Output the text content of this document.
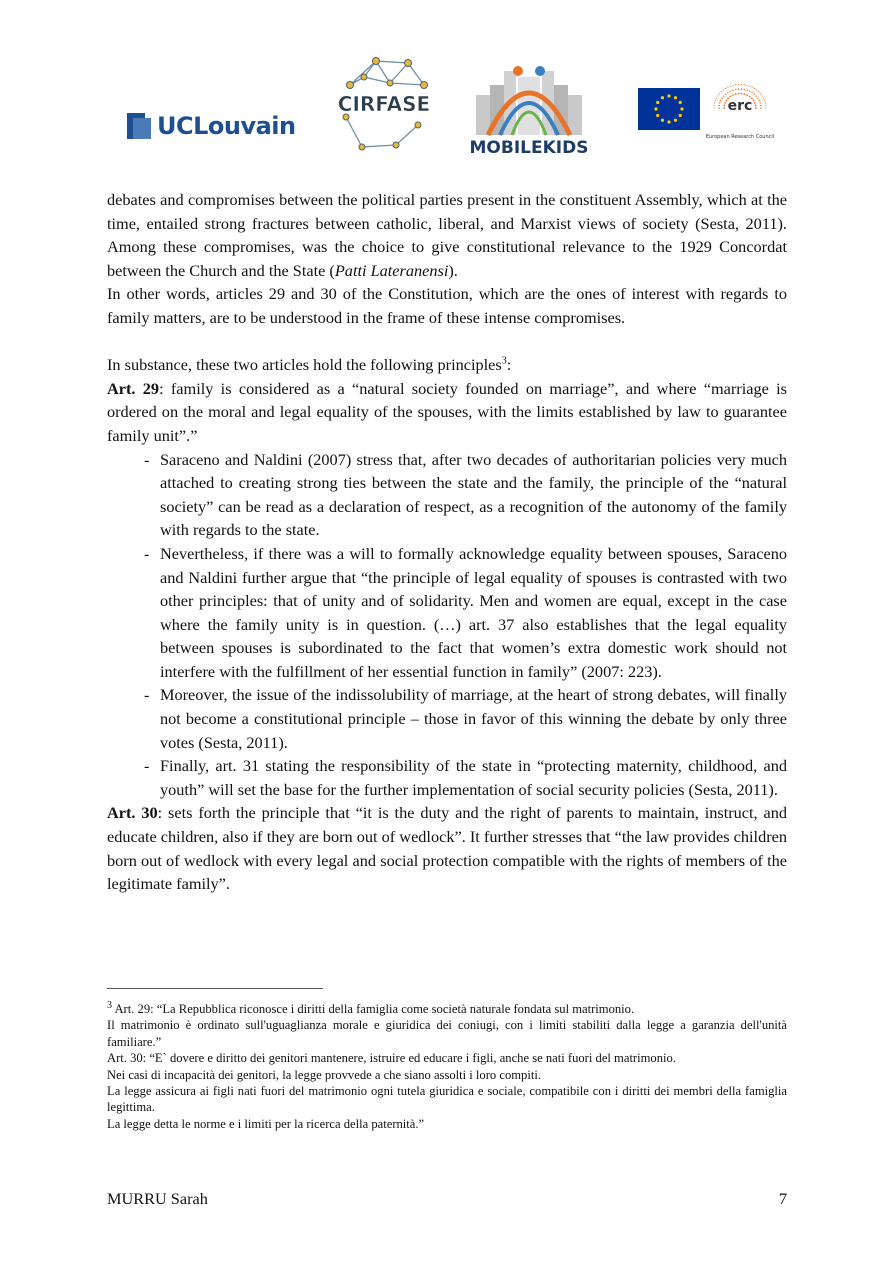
UCLouvain
CIRFASE
MOBILEKIDS
erc
European Research Council

debates and compromises between the political parties present in the constituent Assembly, which at the time, entailed strong fractures between catholic, liberal, and Marxist views of society (Sesta, 2011). Among these compromises, was the choice to give constitutional relevance to the 1929 Concordat between the Church and the State (Patti Lateranensi).

In other words, articles 29 and 30 of the Constitution, which are the ones of interest with regards to family matters, are to be understood in the frame of these intense compromises.

In substance, these two articles hold the following principles$^3$:

Art. 29: family is considered as a “natural society founded on marriage”, and where “marriage is ordered on the moral and legal equality of the spouses, with the limits established by law to guarantee family unit”.”

- Saraceno and Naldini (2007) stress that, after two decades of authoritarian policies very much attached to creating strong ties between the state and the family, the principle of the “natural society” can be read as a declaration of respect, as a recognition of the autonomy of the family with regards to the state.
- Nevertheless, if there was a will to formally acknowledge equality between spouses, Saraceno and Naldini further argue that “the principle of legal equality of spouses is contrasted with two other principles: that of unity and of solidarity. Men and women are equal, except in the case where the family unity is in question. (…) art. 37 also establishes that the legal equality between spouses is subordinated to the fact that women’s extra domestic work should not interfere with the fulfillment of her essential function in family” (2007: 223).
- Moreover, the issue of the indissolubility of marriage, at the heart of strong debates, will finally not become a constitutional principle – those in favor of this winning the debate by only three votes (Sesta, 2011).
- Finally, art. 31 stating the responsibility of the state in “protecting maternity, childhood, and youth” will set the base for the further implementation of social security policies (Sesta, 2011).

Art. 30: sets forth the principle that “it is the duty and the right of parents to maintain, instruct, and educate children, also if they are born out of wedlock”. It further stresses that “the law provides children born out of wedlock with every legal and social protection compatible with the rights of members of the legitimate family”.

$^3$ Art. 29: “La Repubblica riconosce i diritti della famiglia come società naturale fondata sul matrimonio.

Il matrimonio è ordinato sull'uguaglianza morale e giuridica dei coniugi, con i limiti stabiliti dalla legge a garanzia dell'unità familiare.”

Art. 30: “E` dovere e diritto dei genitori mantenere, istruire ed educare i figli, anche se nati fuori del matrimonio.

Nei casi di incapacità dei genitori, la legge provvede a che siano assolti i loro compiti.

La legge assicura ai figli nati fuori del matrimonio ogni tutela giuridica e sociale, compatibile con i diritti dei membri della famiglia legittima.

La legge detta le norme e i limiti per la ricerca della paternità.”

MURRU Sarah	7
